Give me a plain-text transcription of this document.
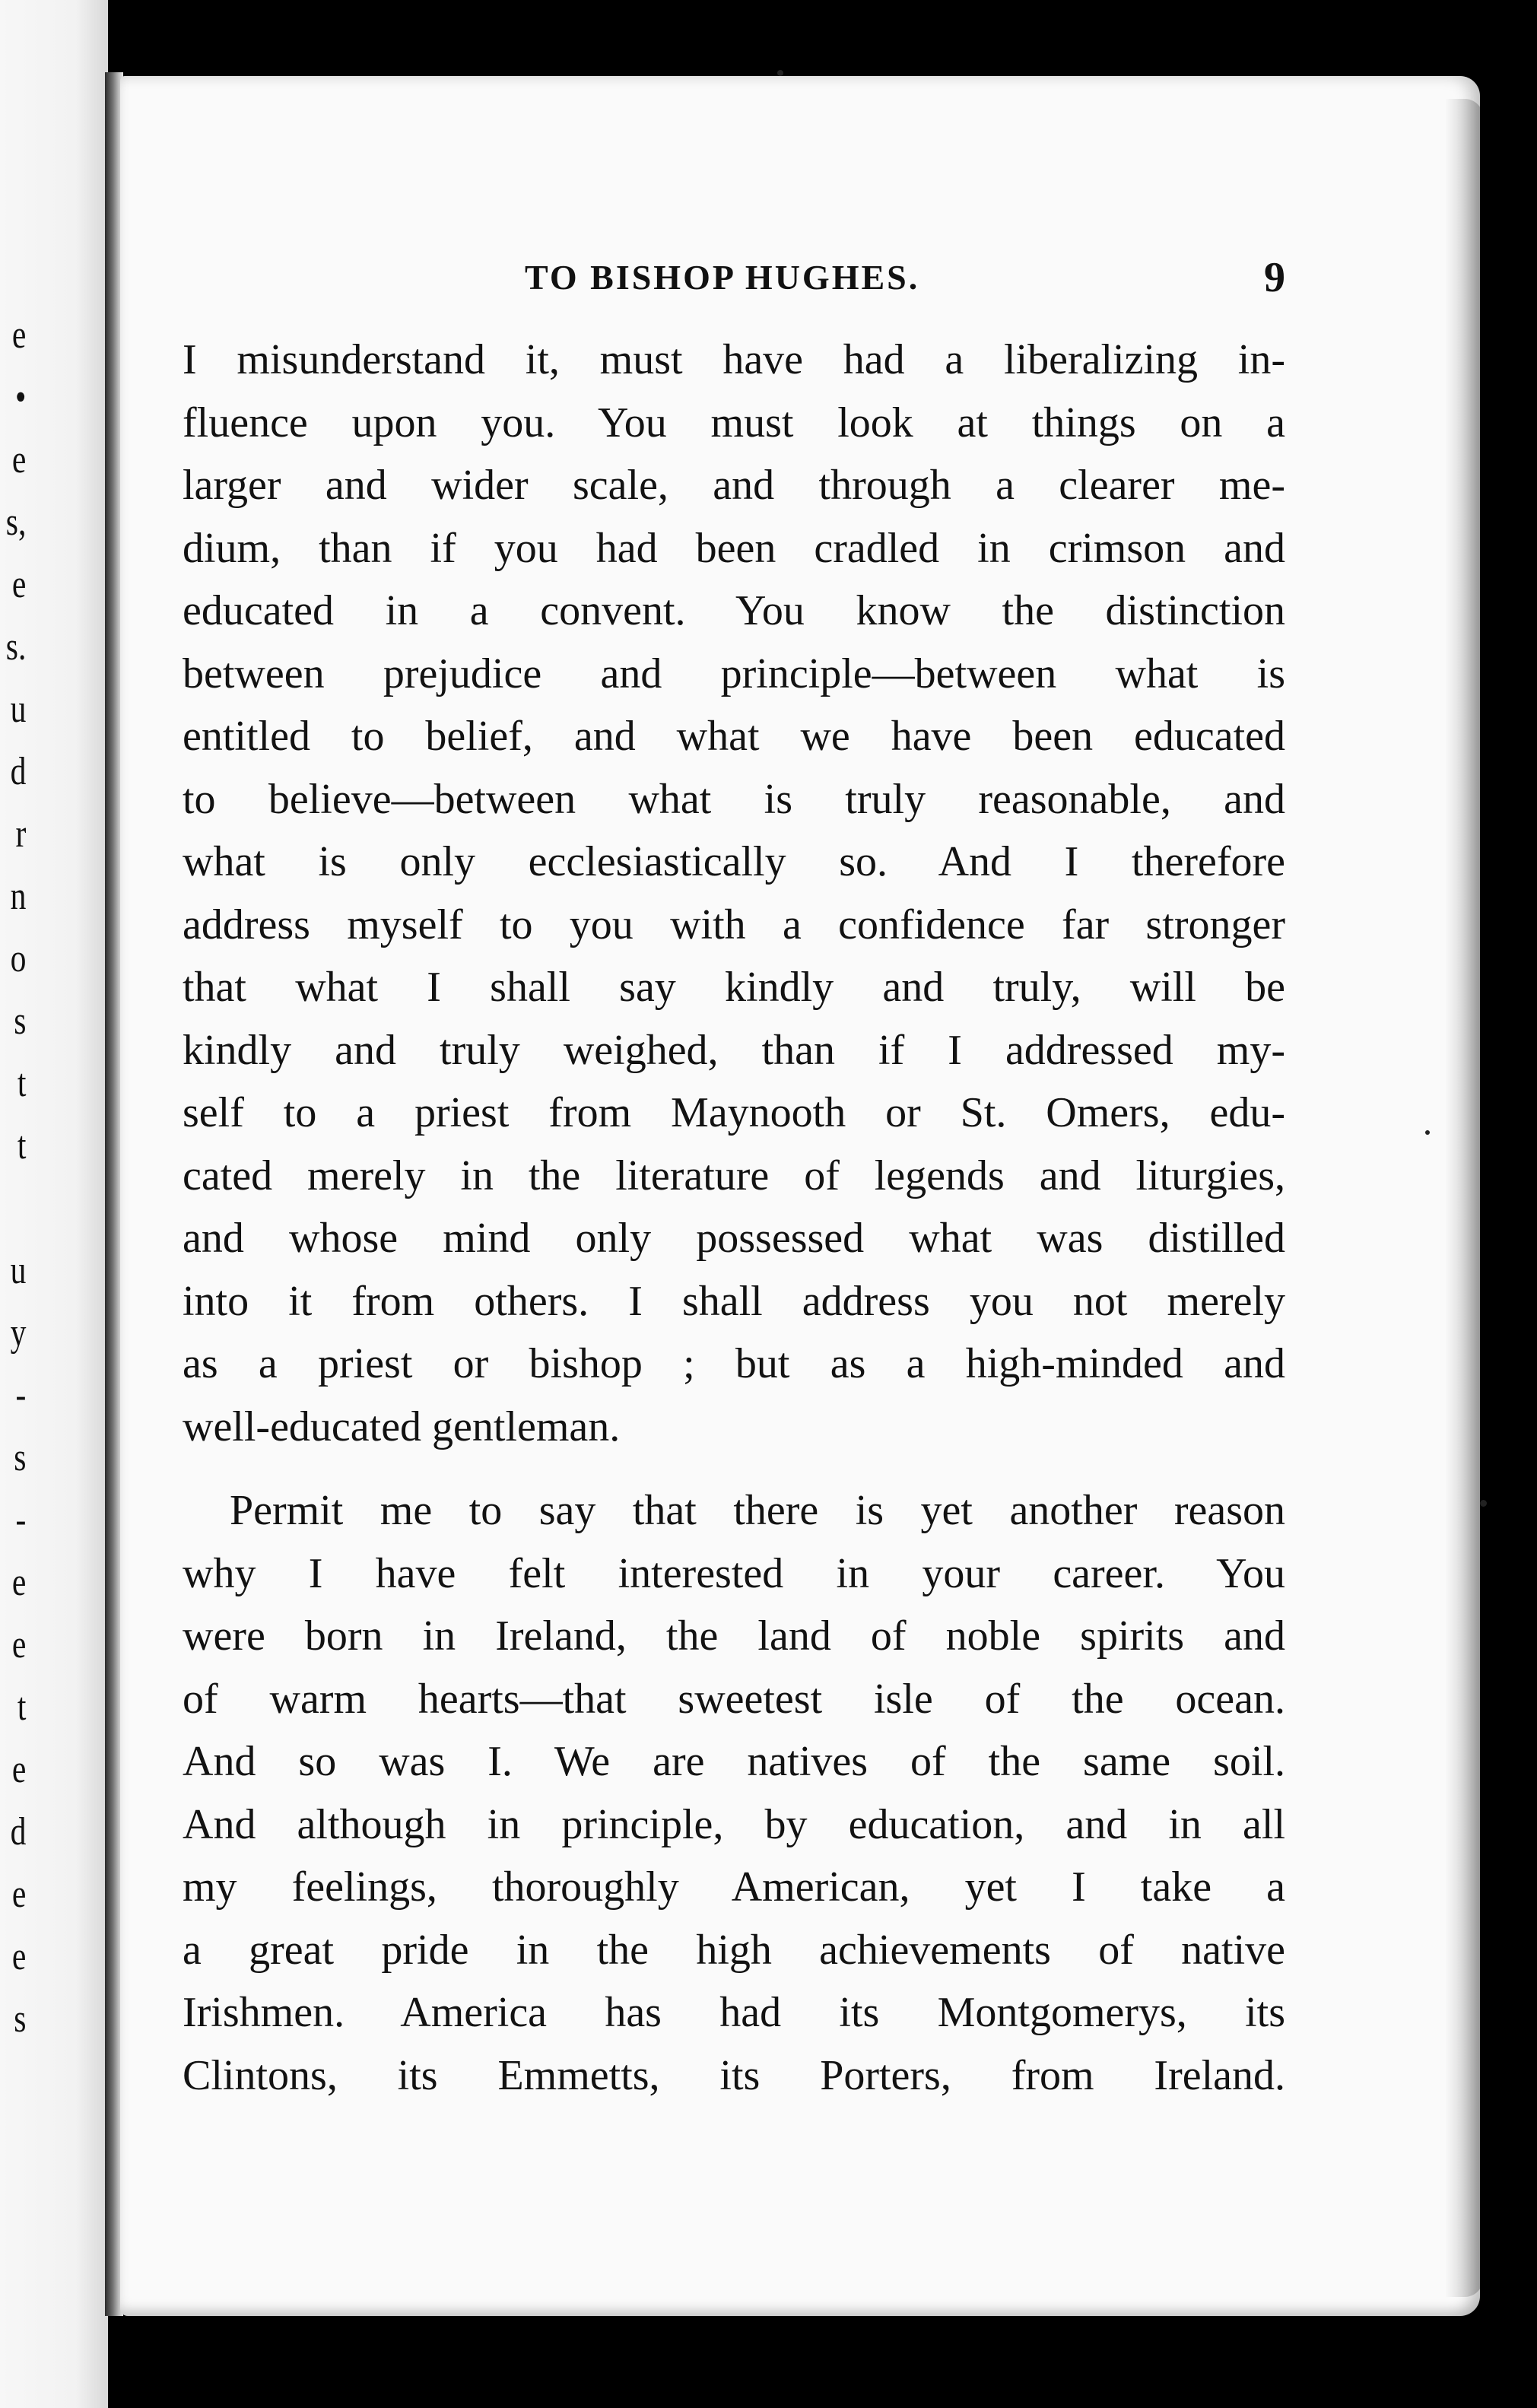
e
•
e
s,
e
s.
u
d
r
n
o
s
t
t
u
y
-
s
-
e
e
t
e
d
e
e
s
TO BISHOP HUGHES.	9
I misunderstand it, must have had a liberalizing in-
fluence upon you. You must look at things on a
larger and wider scale, and through a clearer me-
dium, than if you had been cradled in crimson and
educated in a convent. You know the distinction
between prejudice and principle—between what is
entitled to belief, and what we have been educated
to believe—between what is truly reasonable, and
what is only ecclesiastically so. And I therefore
address myself to you with a confidence far stronger
that what I shall say kindly and truly, will be
kindly and truly weighed, than if I addressed my-
self to a priest from Maynooth or St. Omers, edu-
cated merely in the literature of legends and liturgies,
and whose mind only possessed what was distilled
into it from others. I shall address you not merely
as a priest or bishop ; but as a high-minded and
well-educated gentleman.
Permit me to say that there is yet another reason
why I have felt interested in your career. You
were born in Ireland, the land of noble spirits and
of warm hearts—that sweetest isle of the ocean.
And so was I. We are natives of the same soil.
And although in principle, by education, and in all
my feelings, thoroughly American, yet I take a
a great pride in the high achievements of native
Irishmen. America has had its Montgomerys, its
Clintons, its Emmetts, its Porters, from Ireland.
